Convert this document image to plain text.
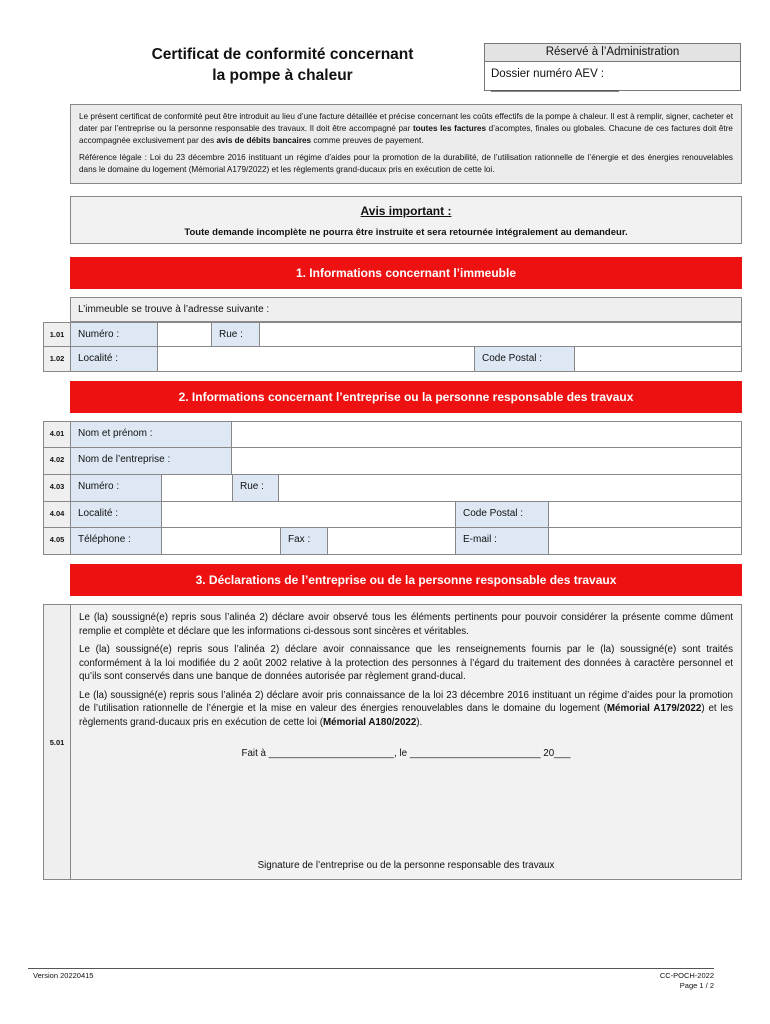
Certificat de conformité concernant
la pompe à chaleur
Réservé à l’Administration
Dossier numéro AEV : ____________________

Le présent certificat de conformité peut être introduit au lieu d’une facture détaillée et précise concernant les coûts effectifs de la pompe à chaleur. Il est à remplir, signer, cacheter et dater par l’entreprise ou la personne responsable des travaux. Il doit être accompagné par toutes les factures d’acomptes, finales ou globales. Chacune de ces factures doit être accompagnée exclusivement par des avis de débits bancaires comme preuves de payement.

Référence légale : Loi du 23 décembre 2016 instituant un régime d’aides pour la promotion de la durabilité, de l’utilisation rationnelle de l’énergie et des énergies renouvelables dans le domaine du logement (Mémorial A179/2022) et les règlements grand-ducaux pris en exécution de cette loi.

Avis important :
Toute demande incomplète ne pourra être instruite et sera retournée intégralement au demandeur.
1. Informations concernant l’immeuble
L’immeuble se trouve à l’adresse suivante :
1.01	Numéro :	Rue :
1.02	Localité :	Code Postal :
2. Informations concernant l’entreprise ou la personne responsable des travaux
4.01	Nom et prénom :
4.02	Nom de l’entreprise :
4.03	Numéro :	Rue :
4.04	Localité :	Code Postal :
4.05	Téléphone :	Fax :	E-mail :
3. Déclarations de l’entreprise ou de la personne responsable des travaux
5.01

Le (la) soussigné(e) repris sous l’alinéa 2) déclare avoir observé tous les éléments pertinents pour pouvoir considérer la présente comme dûment remplie et complète et déclare que les informations ci-dessous sont sincères et véritables.

Le (la) soussigné(e) repris sous l’alinéa 2) déclare avoir connaissance que les renseignements fournis par le (la) soussigné(e) sont traités conformément à la loi modifiée du 2 août 2002 relative à la protection des personnes à l’égard du traitement des données à caractère personnel et qu’ils sont conservés dans une banque de données autorisée par règlement grand-ducal.

Le (la) soussigné(e) repris sous l’alinéa 2) déclare avoir pris connaissance de la loi 23 décembre 2016 instituant un régime d’aides pour la promotion de l’utilisation rationnelle de l’énergie et la mise en valeur des énergies renouvelables dans le domaine du logement (Mémorial A179/2022) et les règlements grand-ducaux pris en exécution de cette loi (Mémorial A180/2022).

Fait à _______________________, le ________________________ 20___
Signature de l’entreprise ou de la personne responsable des travaux
Version 20220415	CC-POCH-2022
Page 1 / 2
